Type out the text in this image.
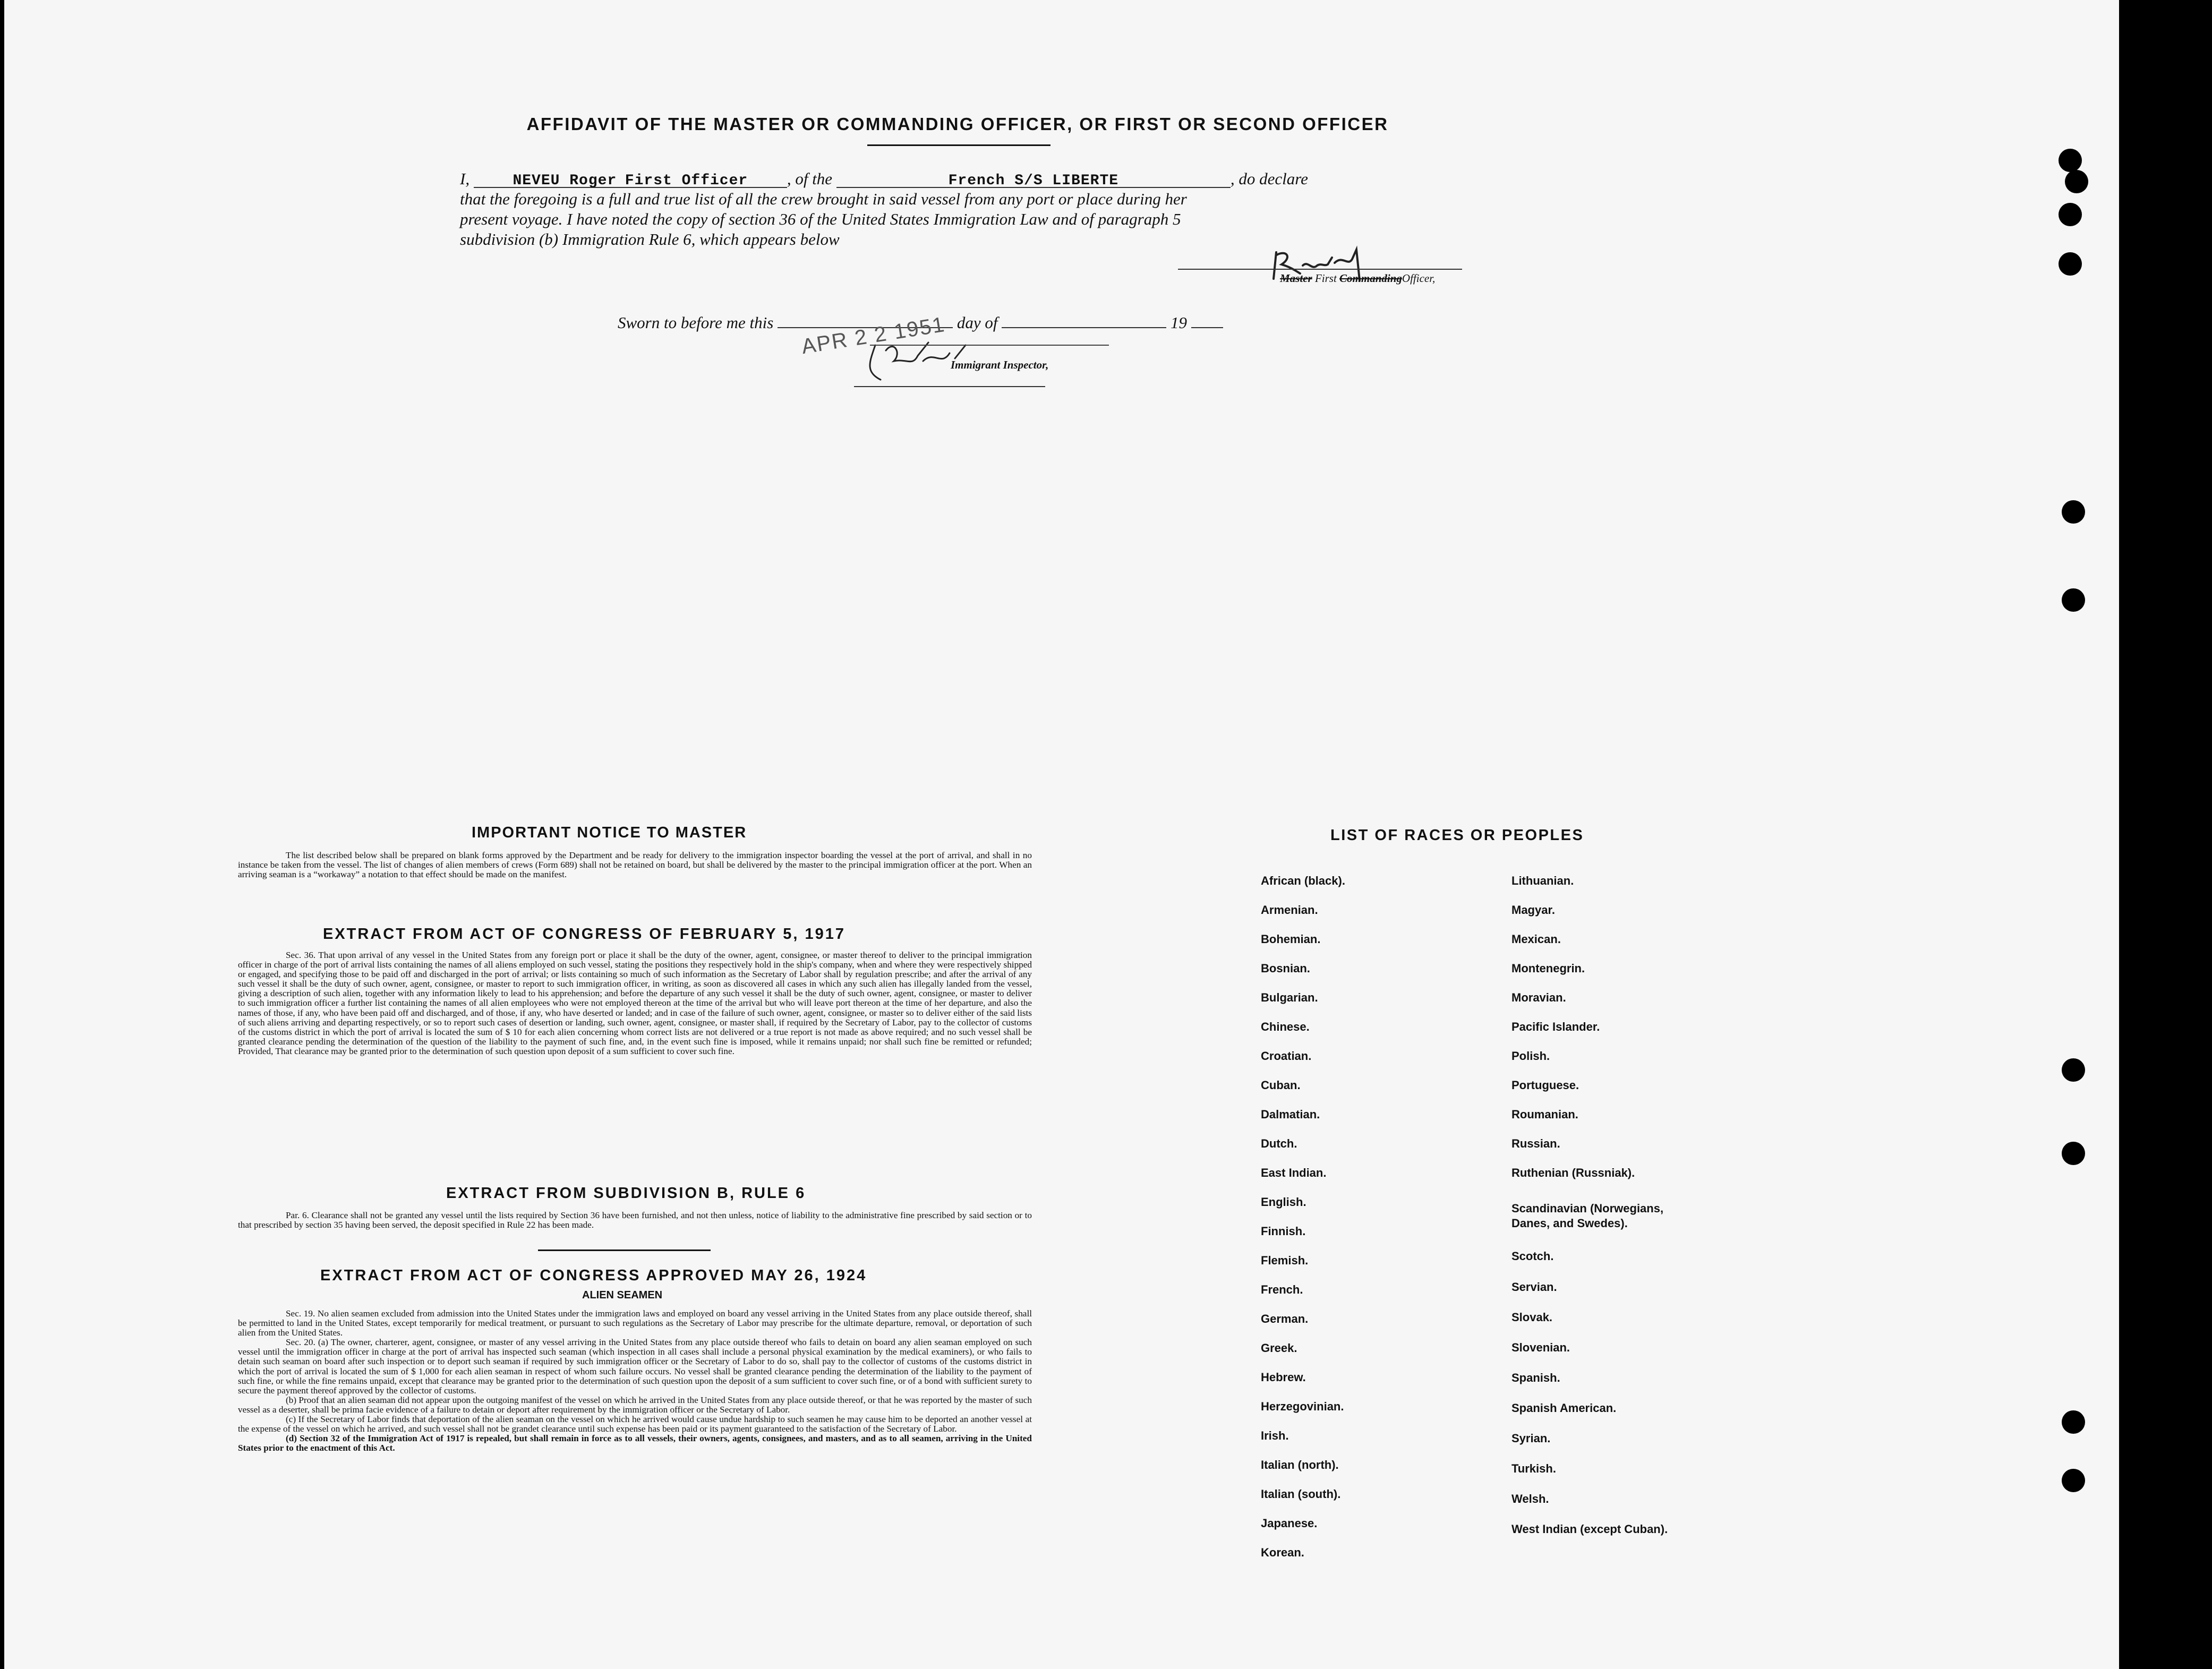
AFFIDAVIT OF THE MASTER OR COMMANDING OFFICER, OR FIRST OR SECOND OFFICER
I,	NEVEU Roger First Officer , of the	French S/S LIBERTE	, do declare
that the foregoing is a full and true list of all the crew brought in said vessel from any port or place during her
present voyage. I have noted the copy of section 36 of the United States Immigration Law and of paragraph 5
subdivision (b) Immigration Rule 6, which appears below
Master First CommandingOfficer,
Sworn to before me this	day of	19
APR 2 2 1951
Immigrant Inspector,
IMPORTANT NOTICE TO MASTER

The list described below shall be prepared on blank forms approved by the Department and be ready for delivery to the immigration inspector boarding the vessel at the port of arrival, and shall in no instance be taken from the vessel. The list of changes of alien members of crews (Form 689) shall not be retained on board, but shall be delivered by the master to the principal immigration officer at the port. When an arriving seaman is a “workaway” a notation to that effect should be made on the manifest.

EXTRACT FROM ACT OF CONGRESS OF FEBRUARY 5, 1917

Sec. 36. That upon arrival of any vessel in the United States from any foreign port or place it shall be the duty of the owner, agent, consignee, or master thereof to deliver to the principal immigration officer in charge of the port of arrival lists containing the names of all aliens employed on such vessel, stating the positions they respectively hold in the ship's company, when and where they were respectively shipped or engaged, and specifying those to be paid off and discharged in the port of arrival; or lists containing so much of such information as the Secretary of Labor shall by regulation prescribe; and after the arrival of any such vessel it shall be the duty of such owner, agent, consignee, or master to report to such immigration officer, in writing, as soon as discovered all cases in which any such alien has illegally landed from the vessel, giving a description of such alien, together with any information likely to lead to his apprehension; and before the departure of any such vessel it shall be the duty of such owner, agent, consignee, or master to deliver to such immigration officer a further list containing the names of all alien employees who were not employed thereon at the time of the arrival but who will leave port thereon at the time of her departure, and also the names of those, if any, who have been paid off and discharged, and of those, if any, who have deserted or landed; and in case of the failure of such owner, agent, consignee, or master so to deliver either of the said lists of such aliens arriving and departing respectively, or so to report such cases of desertion or landing, such owner, agent, consignee, or master shall, if required by the Secretary of Labor, pay to the collector of customs of the customs district in which the port of arrival is located the sum of $ 10 for each alien concerning whom correct lists are not delivered or a true report is not made as above required; and no such vessel shall be granted clearance pending the determination of the question of the liability to the payment of such fine, and, in the event such fine is imposed, while it remains unpaid; nor shall such fine be remitted or refunded; Provided, That clearance may be granted prior to the determination of such question upon deposit of a sum sufficient to cover such fine.

EXTRACT FROM SUBDIVISION B, RULE 6

Par. 6. Clearance shall not be granted any vessel until the lists required by Section 36 have been furnished, and not then unless, notice of liability to the administrative fine prescribed by said section or to that prescribed by section 35 having been served, the deposit specified in Rule 22 has been made.

EXTRACT FROM ACT OF CONGRESS APPROVED MAY 26, 1924
ALIEN SEAMEN

Sec. 19. No alien seamen excluded from admission into the United States under the immigration laws and employed on board any vessel arriving in the United States from any place outside thereof, shall be permitted to land in the United States, except temporarily for medical treatment, or pursuant to such regulations as the Secretary of Labor may prescribe for the ultimate departure, removal, or deportation of such alien from the United States.

Sec. 20. (a) The owner, charterer, agent, consignee, or master of any vessel arriving in the United States from any place outside thereof who fails to detain on board any alien seaman employed on such vessel until the immigration officer in charge at the port of arrival has inspected such seaman (which inspection in all cases shall include a personal physical examination by the medical examiners), or who fails to detain such seaman on board after such inspection or to deport such seaman if required by such immigration officer or the Secretary of Labor to do so, shall pay to the collector of customs of the customs district in which the port of arrival is located the sum of $ 1,000 for each alien seaman in respect of whom such failure occurs. No vessel shall be granted clearance pending the determination of the liability to the payment of such fine, or while the fine remains unpaid, except that clearance may be granted prior to the determination of such question upon the deposit of a sum sufficient to cover such fine, or of a bond with sufficient surety to secure the payment thereof approved by the collector of customs.

(b) Proof that an alien seaman did not appear upon the outgoing manifest of the vessel on which he arrived in the United States from any place outside thereof, or that he was reported by the master of such vessel as a deserter, shall be prima facie evidence of a failure to detain or deport after requirement by the immigration officer or the Secretary of Labor.

(c) If the Secretary of Labor finds that deportation of the alien seaman on the vessel on which he arrived would cause undue hardship to such seamen he may cause him to be deported an another vessel at the expense of the vessel on which he arrived, and such vessel shall not be grandet clearance until such expense has been paid or its payment guaranteed to the satisfaction of the Secretary of Labor.

(d) Section 32 of the Immigration Act of 1917 is repealed, but shall remain in force as to all vessels, their owners, agents, consignees, and masters, and as to all seamen, arriving in the United States prior to the enactment of this Act.

LIST OF RACES OR PEOPLES
African (black).
Armenian.
Bohemian.
Bosnian.
Bulgarian.
Chinese.
Croatian.
Cuban.
Dalmatian.
Dutch.
East Indian.
English.
Finnish.
Flemish.
French.
German.
Greek.
Hebrew.
Herzegovinian.
Irish.
Italian (north).
Italian (south).
Japanese.
Korean.
Lithuanian.
Magyar.
Mexican.
Montenegrin.
Moravian.
Pacific Islander.
Polish.
Portuguese.
Roumanian.
Russian.
Ruthenian (Russniak).
Scandinavian (Norwegians, Danes, and Swedes).
Scotch.
Servian.
Slovak.
Slovenian.
Spanish.
Spanish American.
Syrian.
Turkish.
Welsh.
West Indian (except Cuban).
